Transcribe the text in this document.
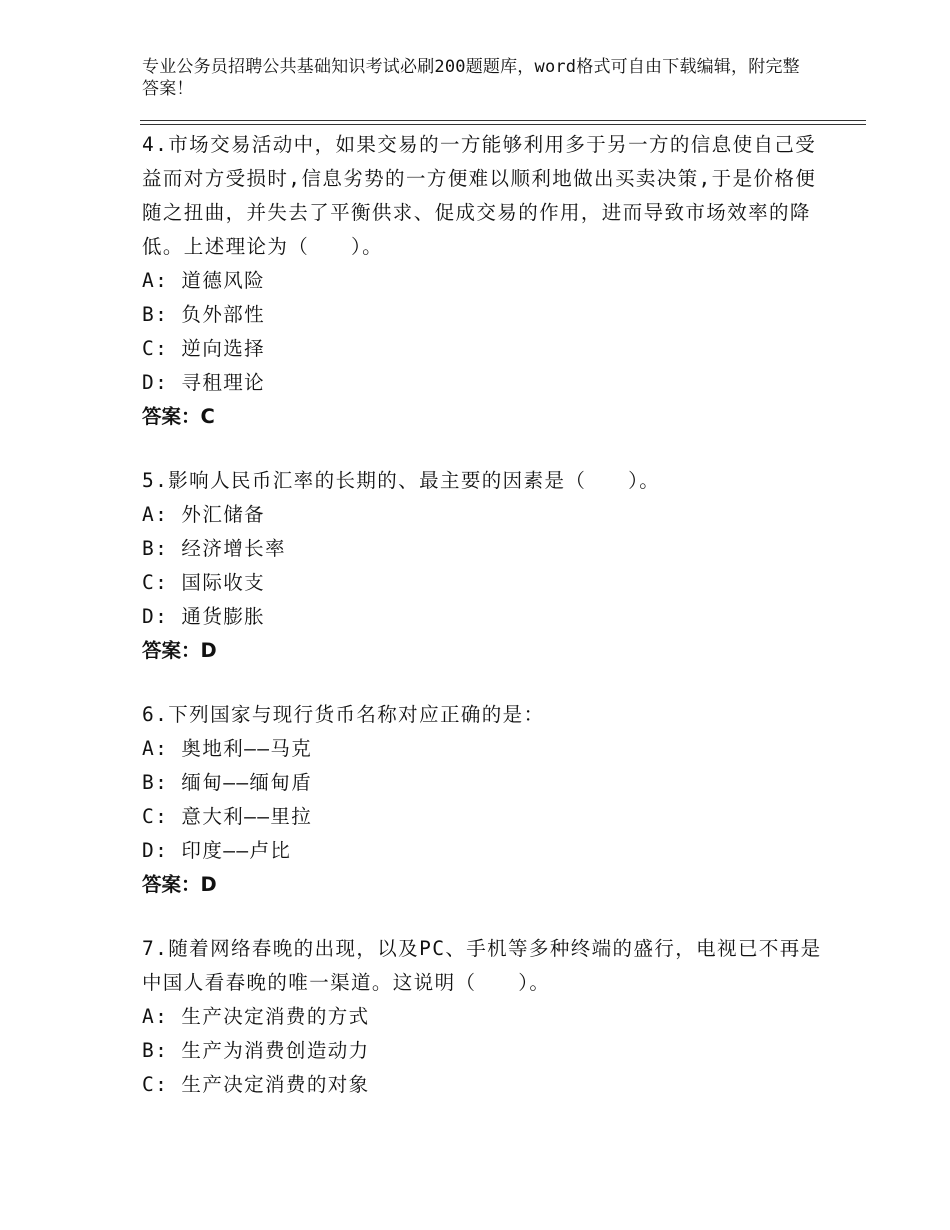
专业公务员招聘公共基础知识考试必刷200题题库，word格式可自由下载编辑，附完整答案！

4.市场交易活动中，如果交易的一方能够利用多于另一方的信息使自己受益而对方受损时,信息劣势的一方便难以顺利地做出买卖决策,于是价格便随之扭曲，并失去了平衡供求、促成交易的作用，进而导致市场效率的降低。上述理论为（　　）。

A: 道德风险

B: 负外部性

C: 逆向选择

D: 寻租理论

答案：C

5.影响人民币汇率的长期的、最主要的因素是（　　）。

A: 外汇储备

B: 经济增长率

C: 国际收支

D: 通货膨胀

答案：D

6.下列国家与现行货币名称对应正确的是：

A: 奥地利——马克

B: 缅甸——缅甸盾

C: 意大利——里拉

D: 印度——卢比

答案：D

7.随着网络春晚的出现，以及PC、手机等多种终端的盛行，电视已不再是中国人看春晚的唯一渠道。这说明（　　）。

A: 生产决定消费的方式

B: 生产为消费创造动力

C: 生产决定消费的对象
